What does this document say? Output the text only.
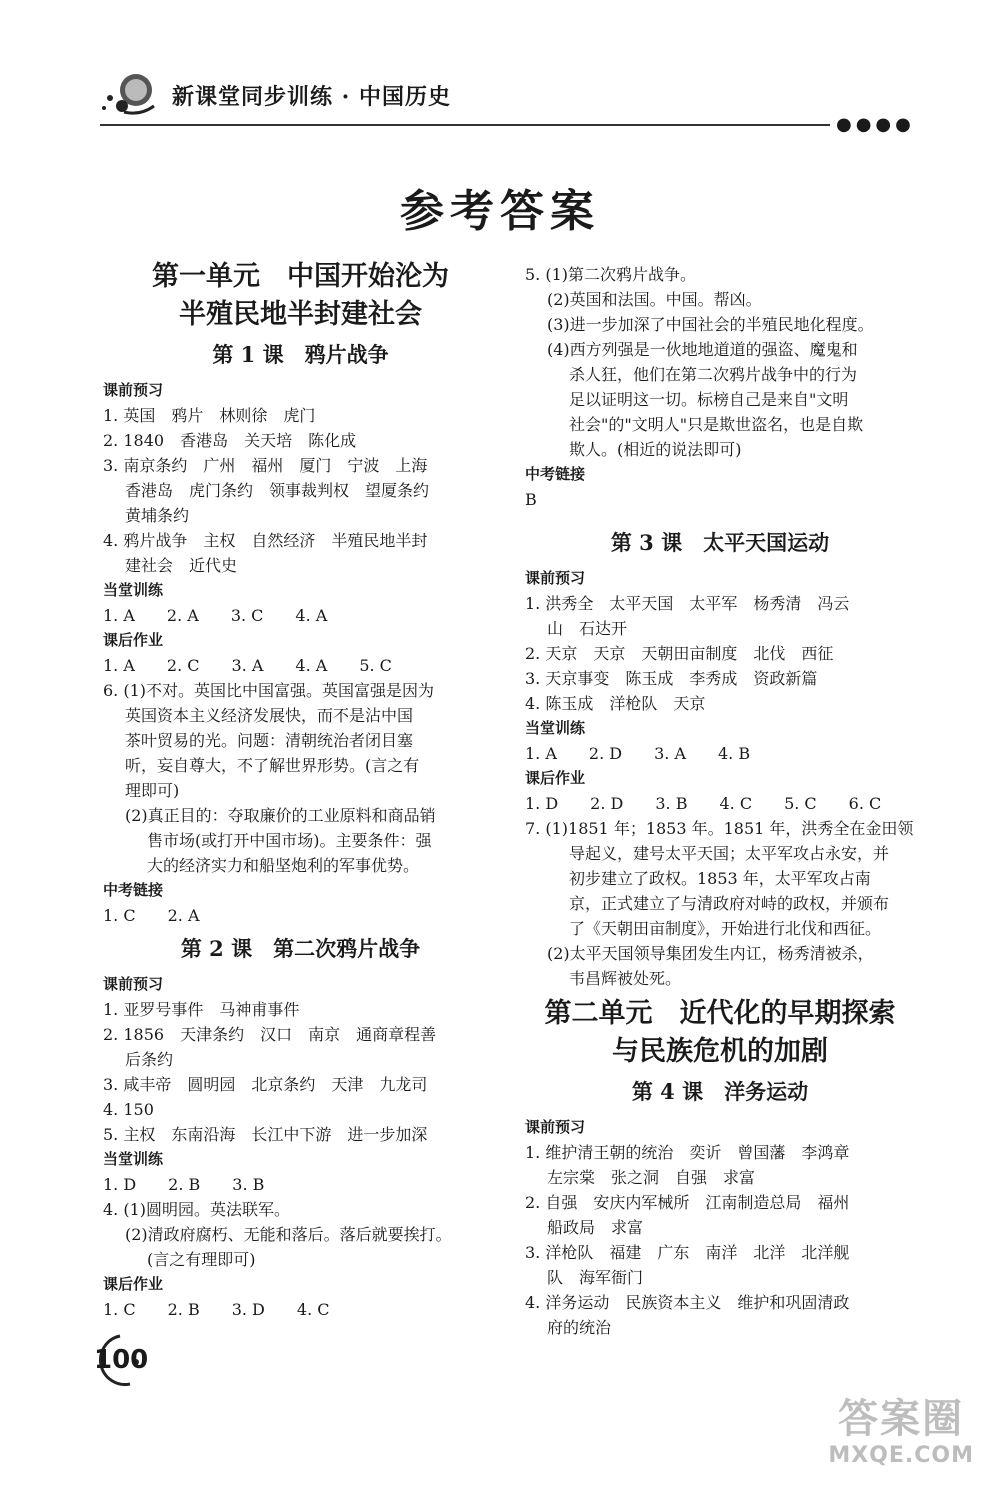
新课堂同步训练 · 中国历史
●●●●
参考答案
第一单元　中国开始沦为
半殖民地半封建社会
第 1 课　鸦片战争
课前预习
1. 英国　鸦片　林则徐　虎门
2. 1840　香港岛　关天培　陈化成
3. 南京条约　广州　福州　厦门　宁波　上海
香港岛　虎门条约　领事裁判权　望厦条约
黄埔条约
4. 鸦片战争　主权　自然经济　半殖民地半封
建社会　近代史
当堂训练
1. A　　2. A　　3. C　　4. A
课后作业
1. A　　2. C　　3. A　　4. A　　5. C
6. (1)不对。英国比中国富强。英国富强是因为
英国资本主义经济发展快，而不是沾中国
茶叶贸易的光。问题：清朝统治者闭目塞
听，妄自尊大，不了解世界形势。(言之有
理即可)
(2)真正目的：夺取廉价的工业原料和商品销
售市场(或打开中国市场)。主要条件：强
大的经济实力和船坚炮利的军事优势。
中考链接
1. C　　2. A
第 2 课　第二次鸦片战争
课前预习
1. 亚罗号事件　马神甫事件
2. 1856　天津条约　汉口　南京　通商章程善
后条约
3. 咸丰帝　圆明园　北京条约　天津　九龙司
4. 150
5. 主权　东南沿海　长江中下游　进一步加深
当堂训练
1. D　　2. B　　3. B
4. (1)圆明园。英法联军。
(2)清政府腐朽、无能和落后。落后就要挨打。
(言之有理即可)
课后作业
1. C　　2. B　　3. D　　4. C
5. (1)第二次鸦片战争。
(2)英国和法国。中国。帮凶。
(3)进一步加深了中国社会的半殖民地化程度。
(4)西方列强是一伙地地道道的强盗、魔鬼和
杀人狂，他们在第二次鸦片战争中的行为
足以证明这一切。标榜自己是来自"文明
社会"的"文明人"只是欺世盗名，也是自欺
欺人。(相近的说法即可)
中考链接
B
第 3 课　太平天国运动
课前预习
1. 洪秀全　太平天国　太平军　杨秀清　冯云
山　石达开
2. 天京　天京　天朝田亩制度　北伐　西征
3. 天京事变　陈玉成　李秀成　资政新篇
4. 陈玉成　洋枪队　天京
当堂训练
1. A　　2. D　　3. A　　4. B
课后作业
1. D　　2. D　　3. B　　4. C　　5. C　　6. C
7. (1)1851 年；1853 年。1851 年，洪秀全在金田领
导起义，建号太平天国；太平军攻占永安，并
初步建立了政权。1853 年，太平军攻占南
京，正式建立了与清政府对峙的政权，并颁布
了《天朝田亩制度》，开始进行北伐和西征。
(2)太平天国领导集团发生内讧，杨秀清被杀，
韦昌辉被处死。
第二单元　近代化的早期探索
与民族危机的加剧
第 4 课　洋务运动
课前预习
1. 维护清王朝的统治　奕䜣　曾国藩　李鸿章
左宗棠　张之洞　自强　求富
2. 自强　安庆内军械所　江南制造总局　福州
船政局　求富
3. 洋枪队　福建　广东　南洋　北洋　北洋舰
队　海军衙门
4. 洋务运动　民族资本主义　维护和巩固清政
府的统治
100
答案圈
MXQE.COM
